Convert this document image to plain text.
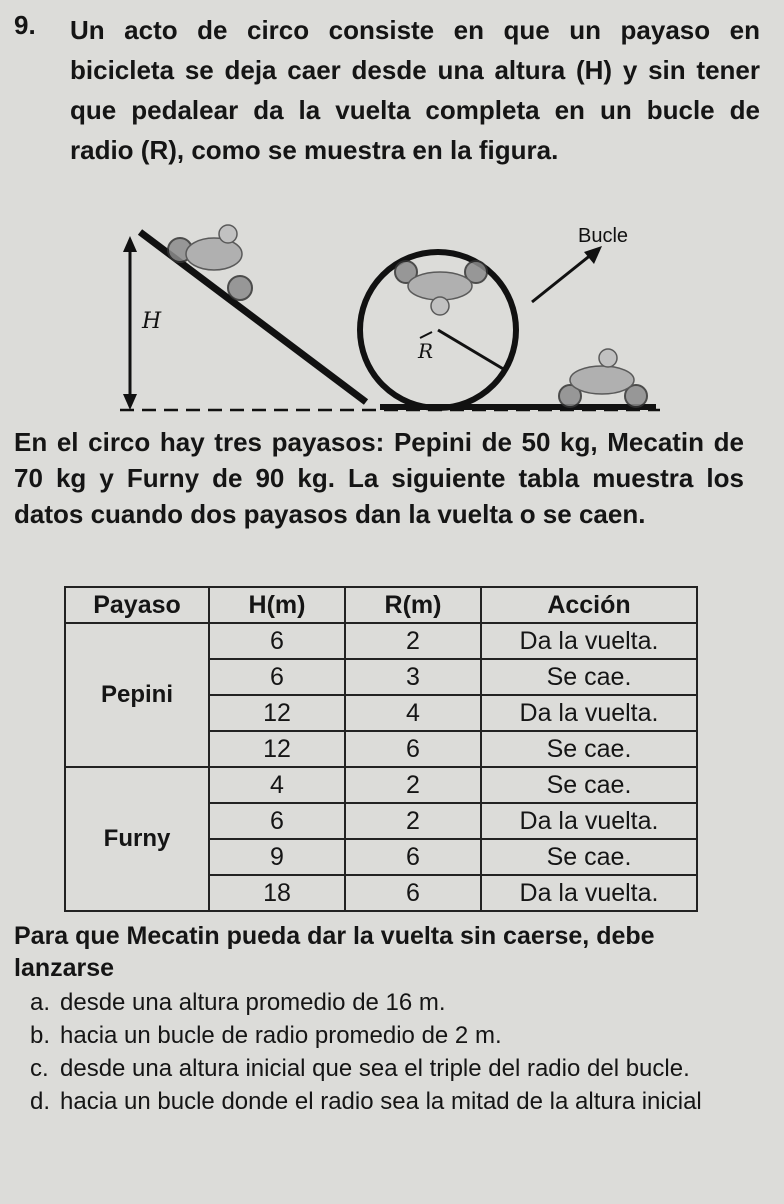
9. Un acto de circo consiste en que un payaso en bicicleta se deja caer desde una altura (H) y sin tener que pedalear da la vuelta completa en un bucle de radio (R), como se muestra en la figura.
H
R
Bucle
En el circo hay tres payasos: Pepini de 50 kg, Mecatin de 70 kg y Furny de 90 kg. La siguiente tabla muestra los datos cuando dos payasos dan la vuelta o se caen.
Payaso	H(m)	R(m)	Acción
Pepini	6	2	Da la vuelta.
	6	3	Se cae.
	12	4	Da la vuelta.
	12	6	Se cae.
Furny	4	2	Se cae.
	6	2	Da la vuelta.
	9	6	Se cae.
	18	6	Da la vuelta.
Para que Mecatin pueda dar la vuelta sin caerse, debe lanzarse
a. desde una altura promedio de 16 m.
b. hacia un bucle de radio promedio de 2 m.
c. desde una altura inicial que sea el triple del radio del bucle.
d. hacia un bucle donde el radio sea la mitad de la altura inicial
